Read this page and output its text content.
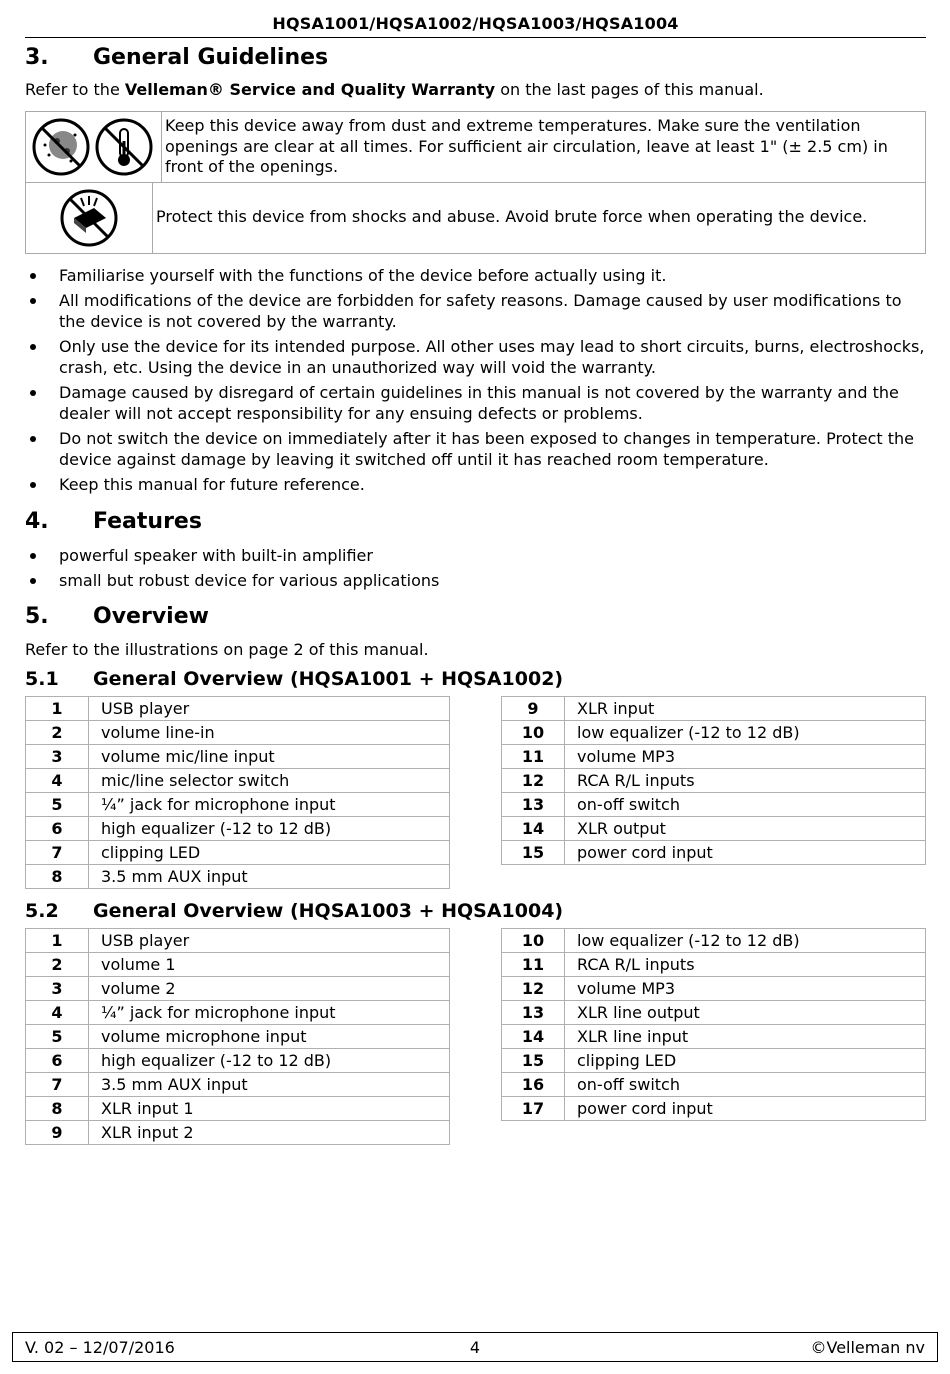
HQSA1001/HQSA1002/HQSA1003/HQSA1004
3. General Guidelines
Refer to the Velleman® Service and Quality Warranty on the last pages of this manual.
Keep this device away from dust and extreme temperatures. Make sure the ventilation openings are clear at all times. For sufficient air circulation, leave at least 1" (± 2.5 cm) in front of the openings.
Protect this device from shocks and abuse. Avoid brute force when operating the device.
Familiarise yourself with the functions of the device before actually using it.
All modifications of the device are forbidden for safety reasons. Damage caused by user modifications to the device is not covered by the warranty.
Only use the device for its intended purpose. All other uses may lead to short circuits, burns, electroshocks, crash, etc. Using the device in an unauthorized way will void the warranty.
Damage caused by disregard of certain guidelines in this manual is not covered by the warranty and the dealer will not accept responsibility for any ensuing defects or problems.
Do not switch the device on immediately after it has been exposed to changes in temperature. Protect the device against damage by leaving it switched off until it has reached room temperature.
Keep this manual for future reference.
4. Features
powerful speaker with built-in amplifier
small but robust device for various applications
5. Overview
Refer to the illustrations on page 2 of this manual.
5.1 General Overview (HQSA1001 + HQSA1002)
1	USB player
2	volume line-in
3	volume mic/line input
4	mic/line selector switch
5	¼” jack for microphone input
6	high equalizer (-12 to 12 dB)
7	clipping LED
8	3.5 mm AUX input
9	XLR input
10	low equalizer (-12 to 12 dB)
11	volume MP3
12	RCA R/L inputs
13	on-off switch
14	XLR output
15	power cord input
5.2 General Overview (HQSA1003 + HQSA1004)
1	USB player
2	volume 1
3	volume 2
4	¼” jack for microphone input
5	volume microphone input
6	high equalizer (-12 to 12 dB)
7	3.5 mm AUX input
8	XLR input 1
9	XLR input 2
10	low equalizer (-12 to 12 dB)
11	RCA R/L inputs
12	volume MP3
13	XLR line output
14	XLR line input
15	clipping LED
16	on-off switch
17	power cord input
V. 02 – 12/07/2016	4	©Velleman nv
